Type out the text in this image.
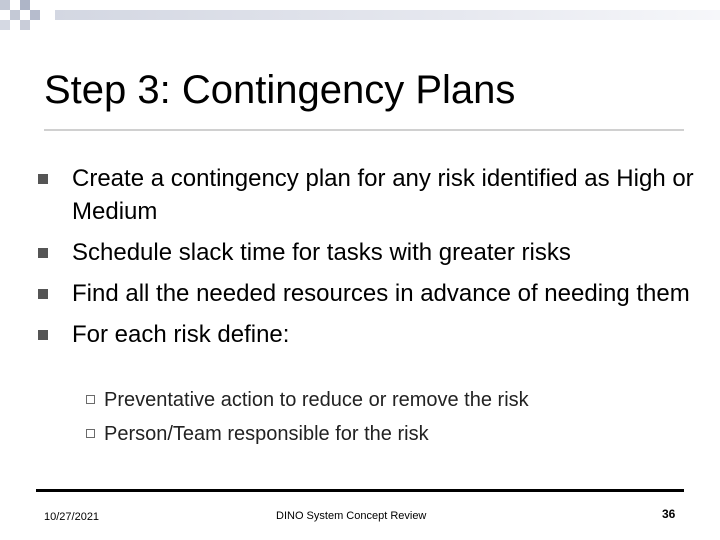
Step 3: Contingency Plans
Create a contingency plan for any risk identified as High or Medium
Schedule slack time for tasks with greater risks
Find all the needed resources in advance of needing them
For each risk define:
Preventative action to reduce or remove the risk
Person/Team responsible for the risk
10/27/2021	DINO System Concept Review	36
